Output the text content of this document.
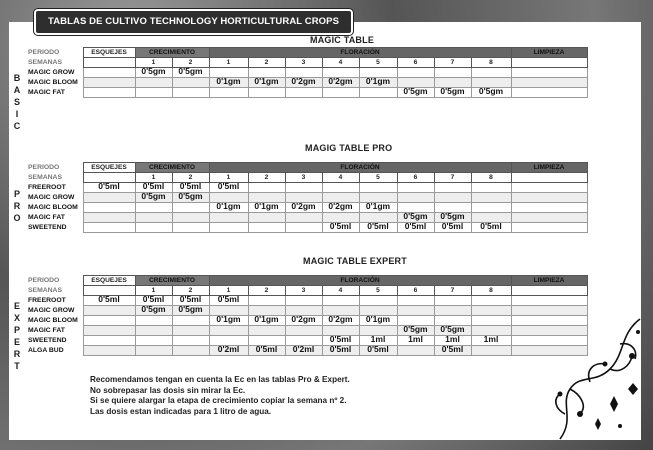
TABLAS DE CULTIVO TECHNOLOGY HORTICULTURAL CROPS
MAGIC TABLE
B
A
S
I
C
PERIODO	ESQUEJES	CRECIMIENTO		FLORACIÓN								LIMPIEZA
SEMANAS		1	2	1	2	3	4	5	6	7	8	
MAGIC GROW		0'5gm	0'5gm									

MAGIC BLOOM				0'1gm	0'1gm	0'2gm	0'2gm	0'1gm				

MAGIC FAT									0'5gm	0'5gm	0'5gm	

MAGIG TABLE PRO
P
R
O
PERIODO	ESQUEJES	CRECIMIENTO		FLORACIÓN								LIMPIEZA
SEMANAS		1	2	1	2	3	4	5	6	7	8	
FREEROOT	0'5ml	0'5ml	0'5ml	0'5ml								

MAGIC GROW		0'5gm	0'5gm									

MAGIC BLOOM				0'1gm	0'1gm	0'2gm	0'2gm	0'1gm				

MAGIC FAT									0'5gm	0'5gm		

SWEETEND							0'5ml	0'5ml	0'5ml	0'5ml	0'5ml	

MAGIC TABLE EXPERT
E
X
P
E
R
T
PERIODO	ESQUEJES	CRECIMIENTO		FLORACIÓN								LIMPIEZA
SEMANAS		1	2	1	2	3	4	5	6	7	8	
FREEROOT	0'5ml	0'5ml	0'5ml	0'5ml								

MAGIC GROW		0'5gm	0'5gm									

MAGIC BLOOM				0'1gm	0'1gm	0'2gm	0'2gm	0'1gm				

MAGIC FAT									0'5gm	0'5gm		

SWEETEND							0'5ml	1ml	1ml	1ml	1ml	

ALGA BUD				0'2ml	0'5ml	0'2ml	0'5ml	0'5ml		0'5ml		

Recomendamos tengan en cuenta la Ec en las tablas Pro & Expert.
No sobrepasar las dosis sin mirar la Ec.
Si se quiere alargar la etapa de crecimiento copiar la semana nº 2.
Las dosis estan indicadas para 1 litro de agua.
